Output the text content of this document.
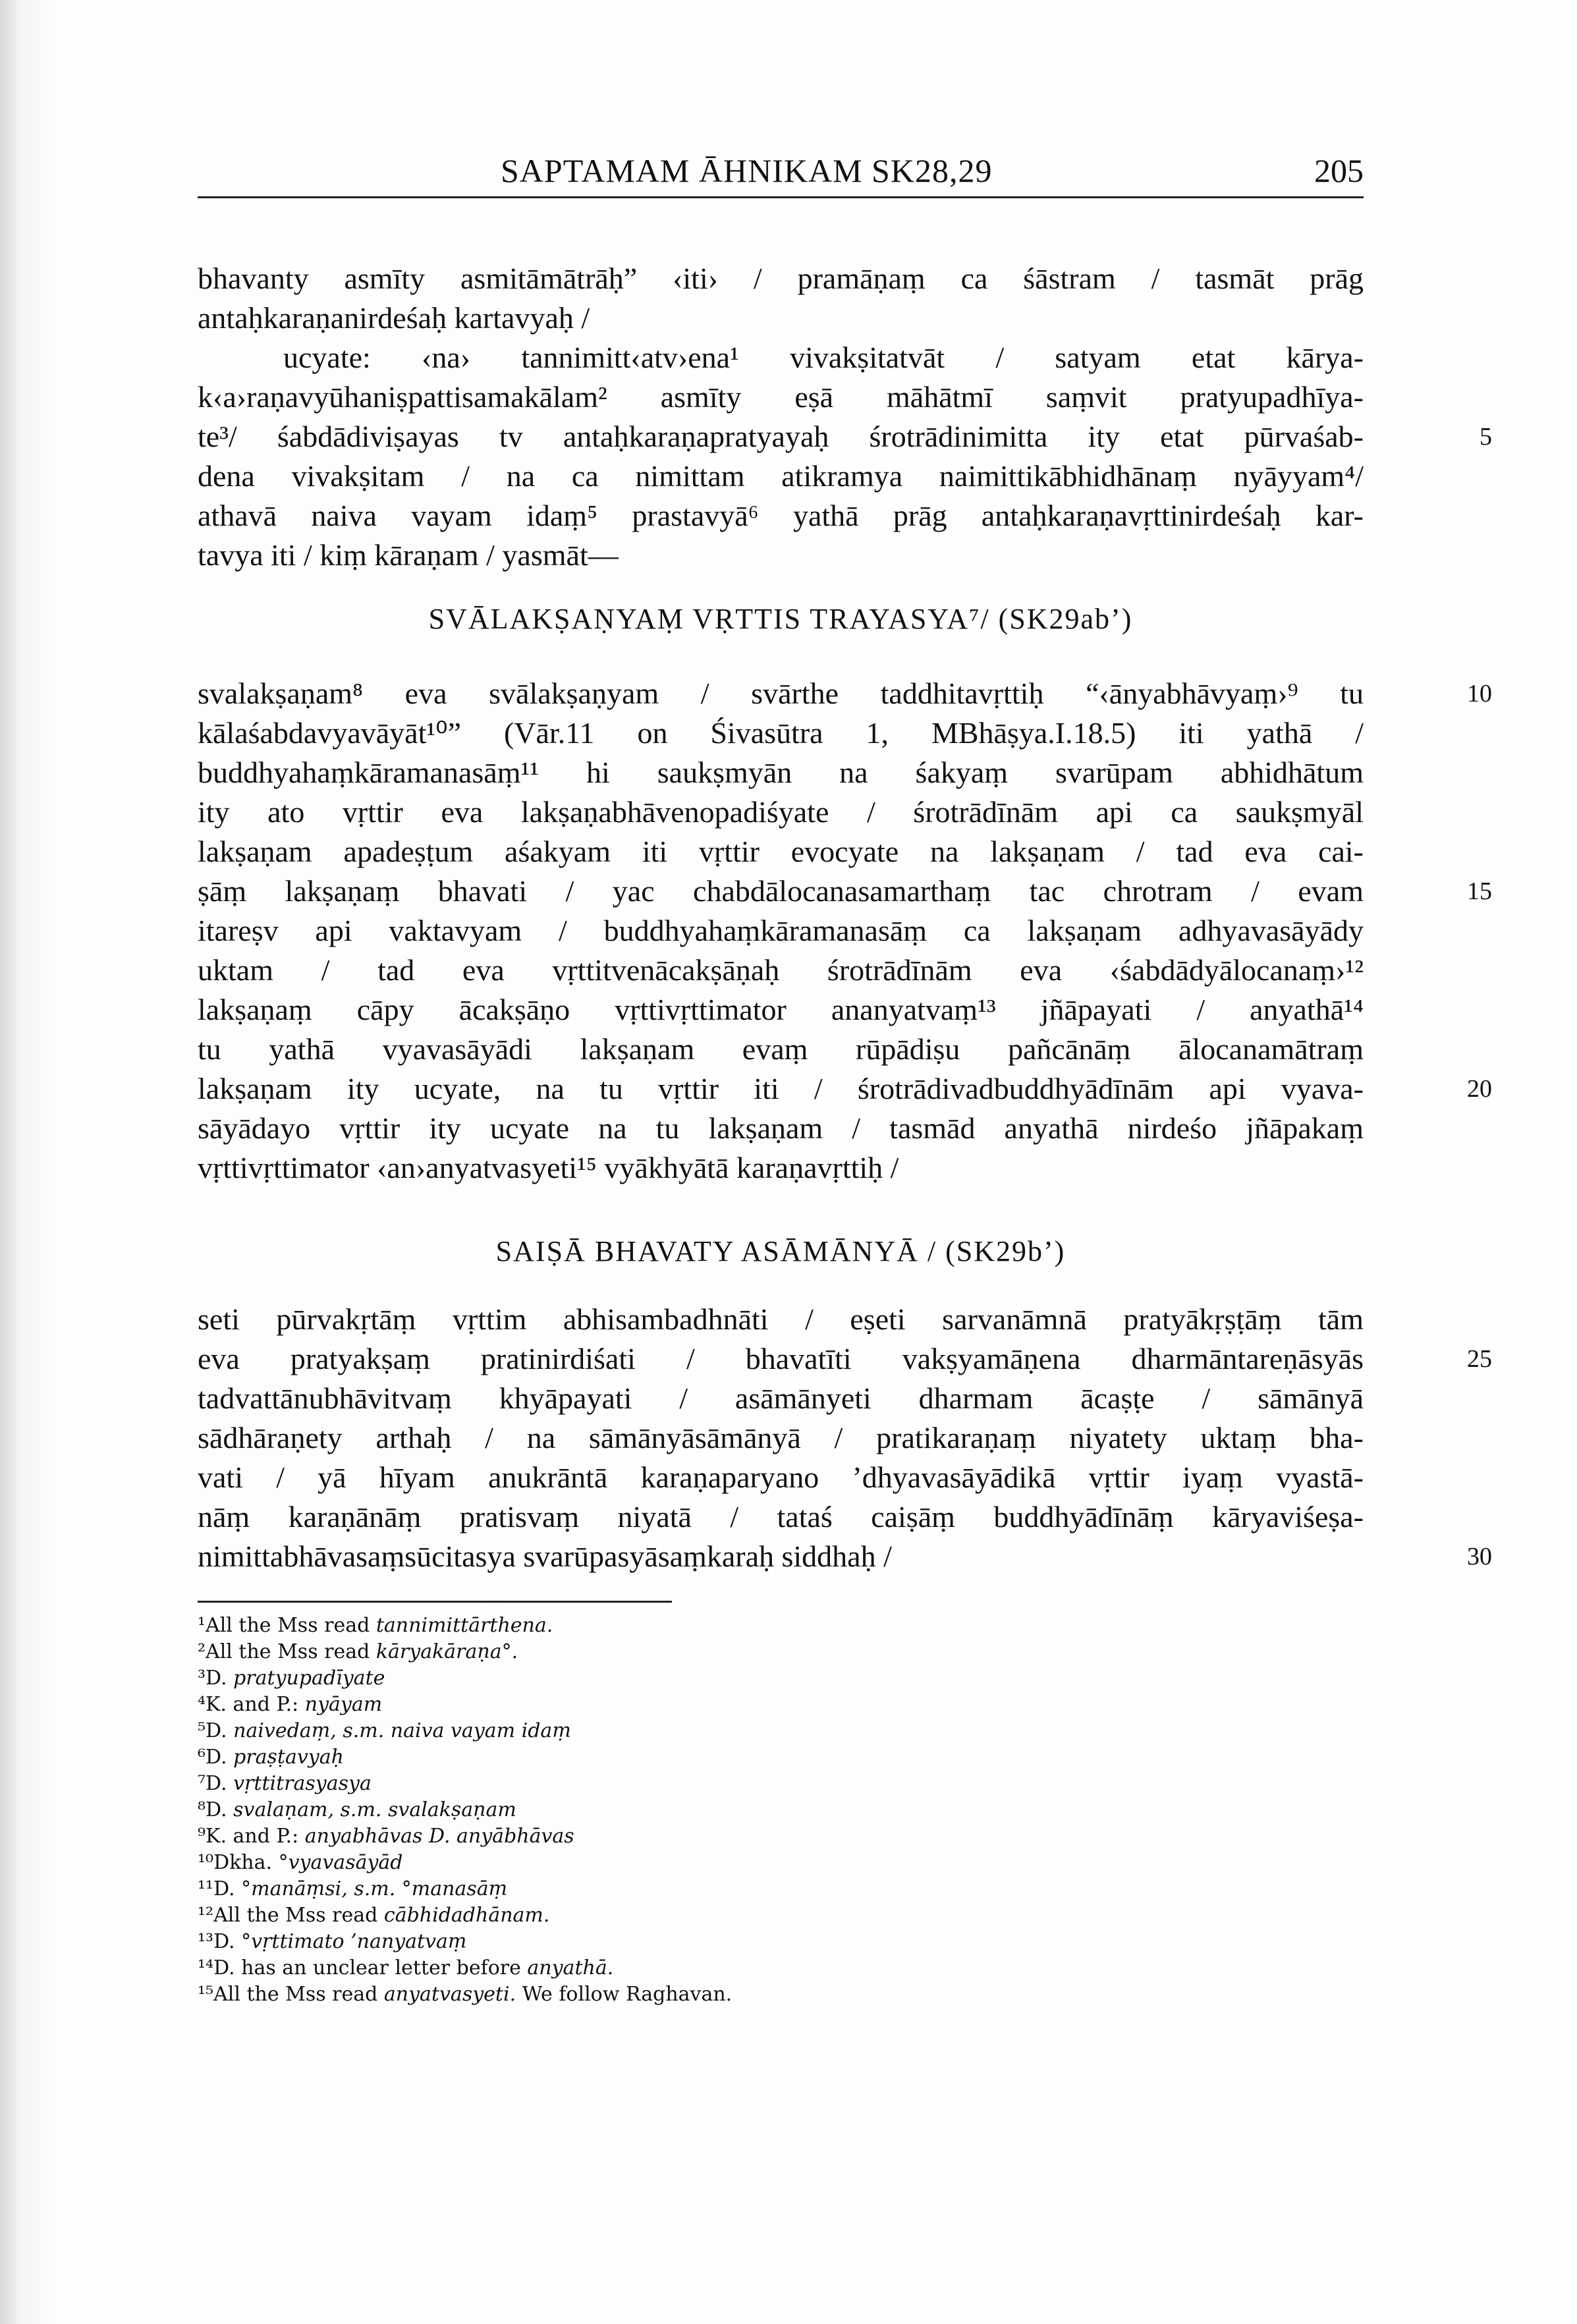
SAPTAMAM ĀHNIKAM SK28,29	205
bhavanty asmīty asmitāmātrāḥ” ‹iti› / pramāṇaṃ ca śāstram / tasmāt prāg
antaḥkaraṇanirdeśaḥ kartavyaḥ /
ucyate: ‹na› tannimitt‹atv›ena¹ vivakṣitatvāt / satyam etat kārya-
k‹a›raṇavyūhaniṣpattisamakālam² asmīty eṣā māhātmī saṃvit pratyupadhīya-
te³/ śabdādiviṣayas tv antaḥkaraṇapratyayaḥ śrotrādinimitta ity etat pūrvaśab-
dena vivakṣitam / na ca nimittam atikramya naimittikābhidhānaṃ nyāyyam⁴/
athavā naiva vayam idaṃ⁵ prastavyā⁶ yathā prāg antaḥkaraṇavṛttinirdeśaḥ kar-
tavya iti / kiṃ kāraṇam / yasmāt—
SVĀLAKṢAṆYAṂ VṚTTIS TRAYASYA⁷/ (SK29ab’)
svalakṣaṇam⁸ eva svālakṣaṇyam / svārthe taddhitavṛttiḥ “‹ānyabhāvyaṃ›⁹ tu
kālaśabdavyavāyāt¹⁰” (Vār.11 on Śivasūtra 1, MBhāṣya.I.18.5) iti yathā /
buddhyahaṃkāramanasāṃ¹¹ hi saukṣmyān na śakyaṃ svarūpam abhidhātum
ity ato vṛttir eva lakṣaṇabhāvenopadiśyate / śrotrādīnām api ca saukṣmyāl
lakṣaṇam apadeṣṭum aśakyam iti vṛttir evocyate na lakṣaṇam / tad eva cai-
ṣāṃ lakṣaṇaṃ bhavati / yac chabdālocanasamarthaṃ tac chrotram / evam
itareṣv api vaktavyam / buddhyahaṃkāramanasāṃ ca lakṣaṇam adhyavasāyādy
uktam / tad eva vṛttitvenācakṣāṇaḥ śrotrādīnām eva ‹śabdādyālocanaṃ›¹²
lakṣaṇaṃ cāpy ācakṣāṇo vṛttivṛttimator ananyatvaṃ¹³ jñāpayati / anyathā¹⁴
tu yathā vyavasāyādi lakṣaṇam evaṃ rūpādiṣu pañcānāṃ ālocanamātraṃ
lakṣaṇam ity ucyate, na tu vṛttir iti / śrotrādivadbuddhyādīnām api vyava-
sāyādayo vṛttir ity ucyate na tu lakṣaṇam / tasmād anyathā nirdeśo jñāpakaṃ
vṛttivṛttimator ‹an›anyatvasyeti¹⁵ vyākhyātā karaṇavṛttiḥ /
SAIṢĀ BHAVATY ASĀMĀNYĀ / (SK29b’)
seti pūrvakṛtāṃ vṛttim abhisambadhnāti / eṣeti sarvanāmnā pratyākṛṣṭāṃ tām
eva pratyakṣaṃ pratinirdiśati / bhavatīti vakṣyamāṇena dharmāntareṇāsyās
tadvattānubhāvitvaṃ khyāpayati / asāmānyeti dharmam ācaṣṭe / sāmānyā
sādhāraṇety arthaḥ / na sāmānyāsāmānyā / pratikaraṇaṃ niyatety uktaṃ bha-
vati / yā hīyam anukrāntā karaṇaparyano ’dhyavasāyādikā vṛttir iyaṃ vyastā-
nāṃ karaṇānāṃ pratisvaṃ niyatā / tataś caiṣāṃ buddhyādīnāṃ kāryaviśeṣa-
nimittabhāvasaṃsūcitasya svarūpasyāsaṃkaraḥ siddhaḥ /
5
10
15
20
25
30
¹All the Mss read tannimittārthena.
²All the Mss read kāryakāraṇa°.
³D. pratyupadīyate
⁴K. and P.: nyāyam
⁵D. naivedaṃ, s.m. naiva vayam idaṃ
⁶D. praṣṭavyaḥ
⁷D. vṛttitrasyasya
⁸D. svalaṇam, s.m. svalakṣaṇam
⁹K. and P.: anyabhāvas D. anyābhāvas
¹⁰Dkha. °vyavasāyād
¹¹D. °manāṃsi, s.m. °manasāṃ
¹²All the Mss read cābhidadhānam.
¹³D. °vṛttimato ’nanyatvaṃ
¹⁴D. has an unclear letter before anyathā.
¹⁵All the Mss read anyatvasyeti. We follow Raghavan.
